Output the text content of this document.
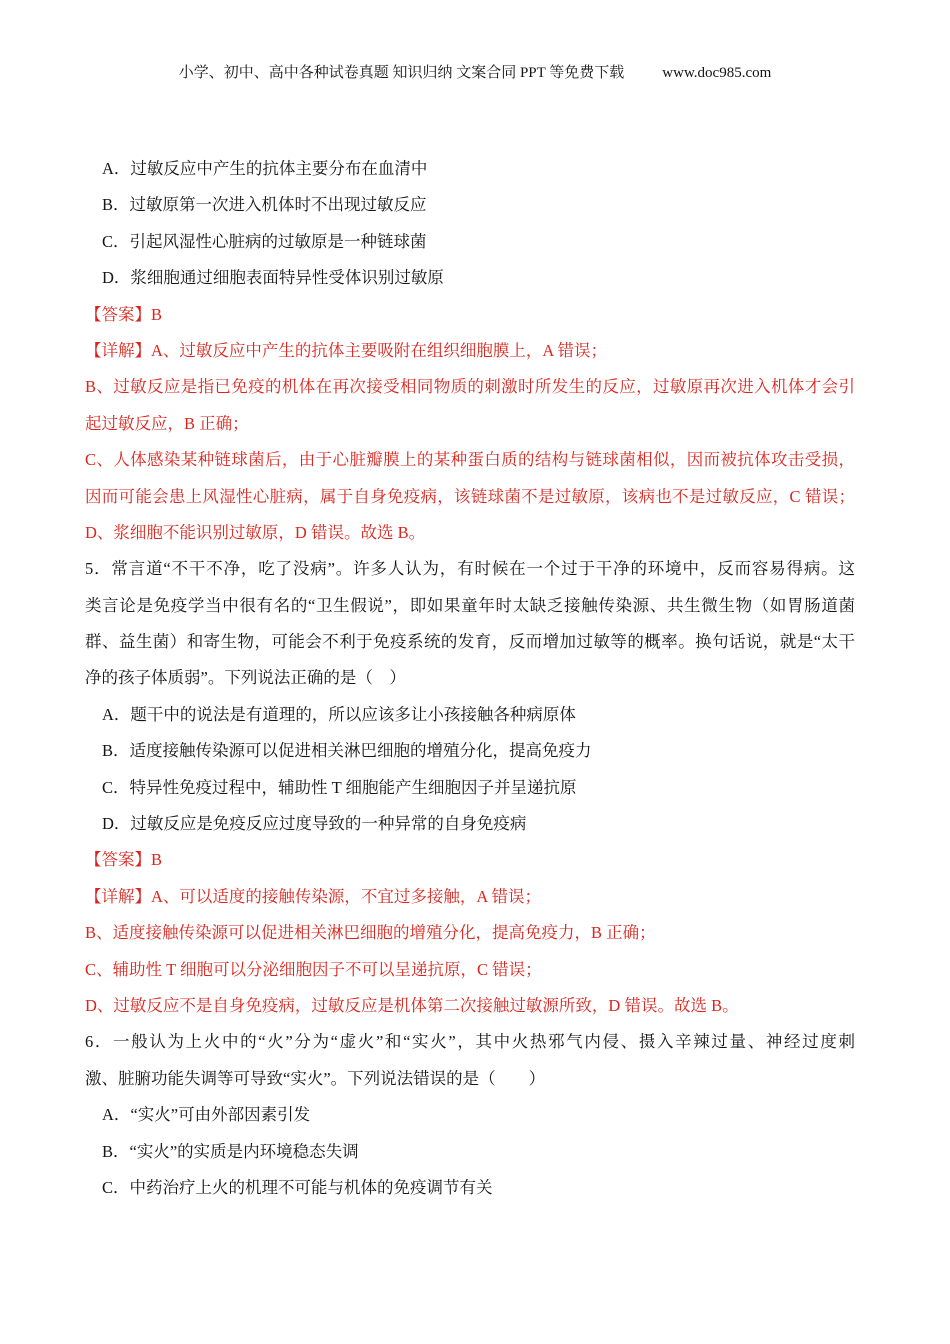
小学、初中、高中各种试卷真题 知识归纳 文案合同 PPT 等免费下载	www.doc985.com
A．过敏反应中产生的抗体主要分布在血清中
B．过敏原第一次进入机体时不出现过敏反应
C．引起风湿性心脏病的过敏原是一种链球菌
D．浆细胞通过细胞表面特异性受体识别过敏原
【答案】B
【详解】A、过敏反应中产生的抗体主要吸附在组织细胞膜上，A 错误；
B、过敏反应是指已免疫的机体在再次接受相同物质的刺激时所发生的反应，过敏原再次进入机体才会引
起过敏反应，B 正确；
C、人体感染某种链球菌后，由于心脏瓣膜上的某种蛋白质的结构与链球菌相似，因而被抗体攻击受损，
因而可能会患上风湿性心脏病，属于自身免疫病，该链球菌不是过敏原，该病也不是过敏反应，C 错误；
D、浆细胞不能识别过敏原，D 错误。故选 B。
5．常言道“不干不净，吃了没病”。许多人认为，有时候在一个过于干净的环境中，反而容易得病。这
类言论是免疫学当中很有名的“卫生假说”，即如果童年时太缺乏接触传染源、共生微生物（如胃肠道菌
群、益生菌）和寄生物，可能会不利于免疫系统的发育，反而增加过敏等的概率。换句话说，就是“太干
净的孩子体质弱”。下列说法正确的是（　）
A．题干中的说法是有道理的，所以应该多让小孩接触各种病原体
B．适度接触传染源可以促进相关淋巴细胞的增殖分化，提高免疫力
C．特异性免疫过程中，辅助性 T 细胞能产生细胞因子并呈递抗原
D．过敏反应是免疫反应过度导致的一种异常的自身免疫病
【答案】B
【详解】A、可以适度的接触传染源，不宜过多接触，A 错误；
B、适度接触传染源可以促进相关淋巴细胞的增殖分化，提高免疫力，B 正确；
C、辅助性 T 细胞可以分泌细胞因子不可以呈递抗原，C 错误；
D、过敏反应不是自身免疫病，过敏反应是机体第二次接触过敏源所致，D 错误。故选 B。
6．一般认为上火中的“火”分为“虚火”和“实火”，其中火热邪气内侵、摄入辛辣过量、神经过度刺
激、脏腑功能失调等可导致“实火”。下列说法错误的是（　　）
A．“实火”可由外部因素引发
B．“实火”的实质是内环境稳态失调
C．中药治疗上火的机理不可能与机体的免疫调节有关
